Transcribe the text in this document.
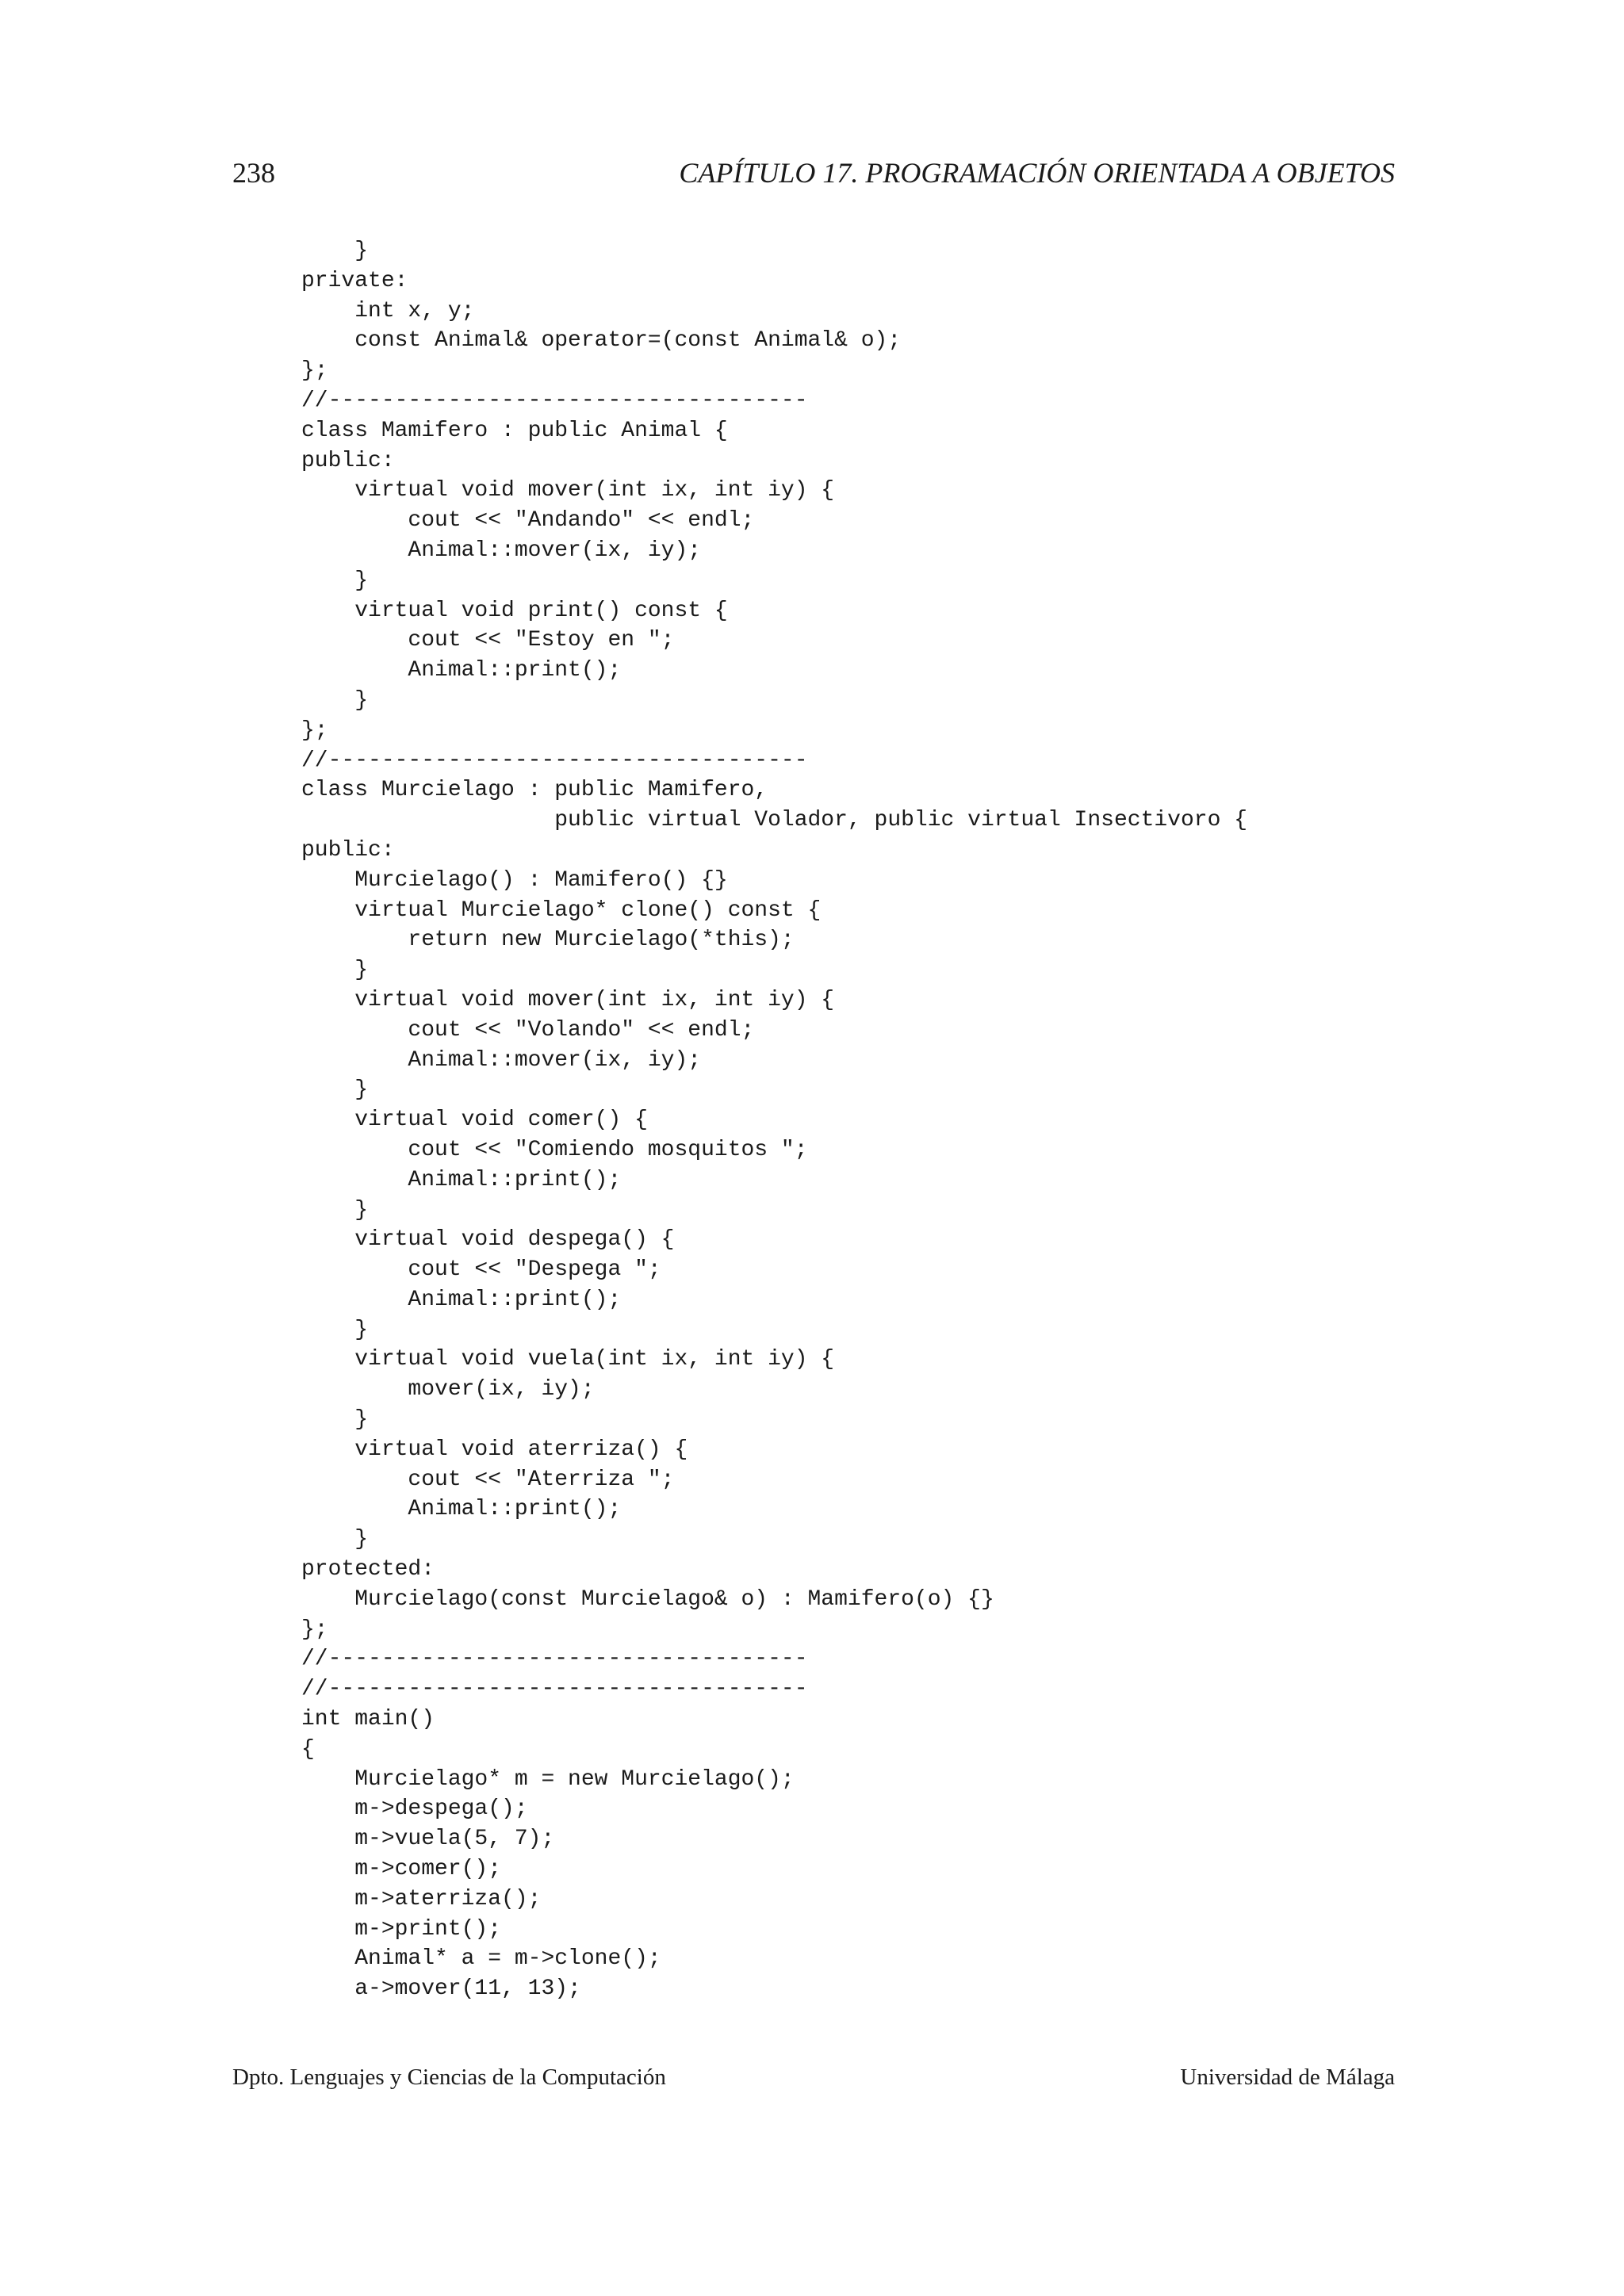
238	CAPÍTULO 17. PROGRAMACIÓN ORIENTADA A OBJETOS
}
private:
int x, y;
const Animal& operator=(const Animal& o);
};
//------------------------------------
class Mamifero : public Animal {
public:
virtual void mover(int ix, int iy) {
cout << "Andando" << endl;
Animal::mover(ix, iy);
}
virtual void print() const {
cout << "Estoy en ";
Animal::print();
}
};
//------------------------------------
class Murcielago : public Mamifero,
public virtual Volador, public virtual Insectivoro {
public:
Murcielago() : Mamifero() {}
virtual Murcielago* clone() const {
return new Murcielago(*this);
}
virtual void mover(int ix, int iy) {
cout << "Volando" << endl;
Animal::mover(ix, iy);
}
virtual void comer() {
cout << "Comiendo mosquitos ";
Animal::print();
}
virtual void despega() {
cout << "Despega ";
Animal::print();
}
virtual void vuela(int ix, int iy) {
mover(ix, iy);
}
virtual void aterriza() {
cout << "Aterriza ";
Animal::print();
}
protected:
Murcielago(const Murcielago& o) : Mamifero(o) {}
};
//------------------------------------
//------------------------------------
int main()
{
Murcielago* m = new Murcielago();
m->despega();
m->vuela(5, 7);
m->comer();
m->aterriza();
m->print();
Animal* a = m->clone();
a->mover(11, 13);
Dpto. Lenguajes y Ciencias de la Computación	Universidad de Málaga
